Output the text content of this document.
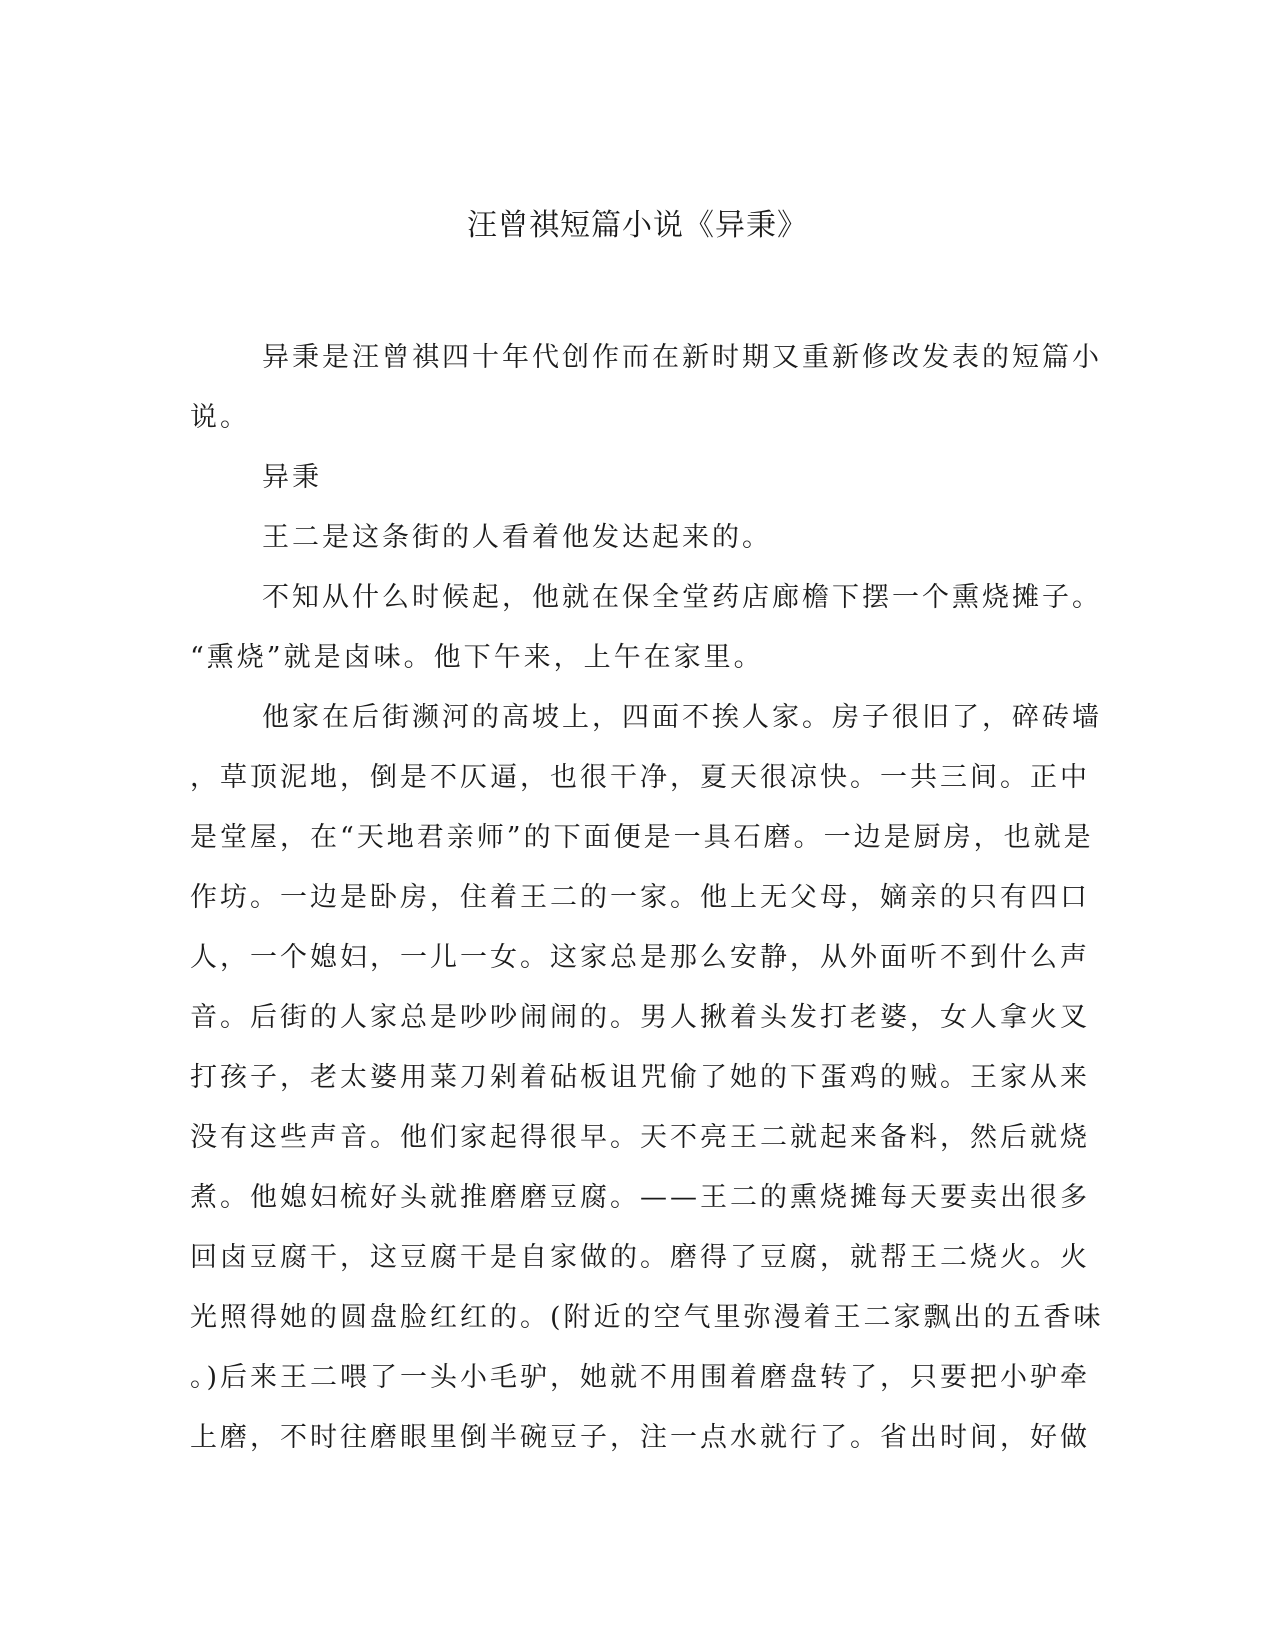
汪曾祺短篇小说《异秉》
异秉是汪曾祺四十年代创作而在新时期又重新修改发表的短篇小
说。
异秉
王二是这条街的人看着他发达起来的。
不知从什么时候起，他就在保全堂药店廊檐下摆一个熏烧摊子。
“熏烧”就是卤味。他下午来，上午在家里。
他家在后街濒河的高坡上，四面不挨人家。房子很旧了，碎砖墙
，草顶泥地，倒是不仄逼，也很干净，夏天很凉快。一共三间。正中
是堂屋，在“天地君亲师”的下面便是一具石磨。一边是厨房，也就是
作坊。一边是卧房，住着王二的一家。他上无父母，嫡亲的只有四口
人，一个媳妇，一儿一女。这家总是那么安静，从外面听不到什么声
音。后街的人家总是吵吵闹闹的。男人揪着头发打老婆，女人拿火叉
打孩子，老太婆用菜刀剁着砧板诅咒偷了她的下蛋鸡的贼。王家从来
没有这些声音。他们家起得很早。天不亮王二就起来备料，然后就烧
煮。他媳妇梳好头就推磨磨豆腐。——王二的熏烧摊每天要卖出很多
回卤豆腐干，这豆腐干是自家做的。磨得了豆腐，就帮王二烧火。火
光照得她的圆盘脸红红的。(附近的空气里弥漫着王二家飘出的五香味
。)后来王二喂了一头小毛驴，她就不用围着磨盘转了，只要把小驴牵
上磨，不时往磨眼里倒半碗豆子，注一点水就行了。省出时间，好做
